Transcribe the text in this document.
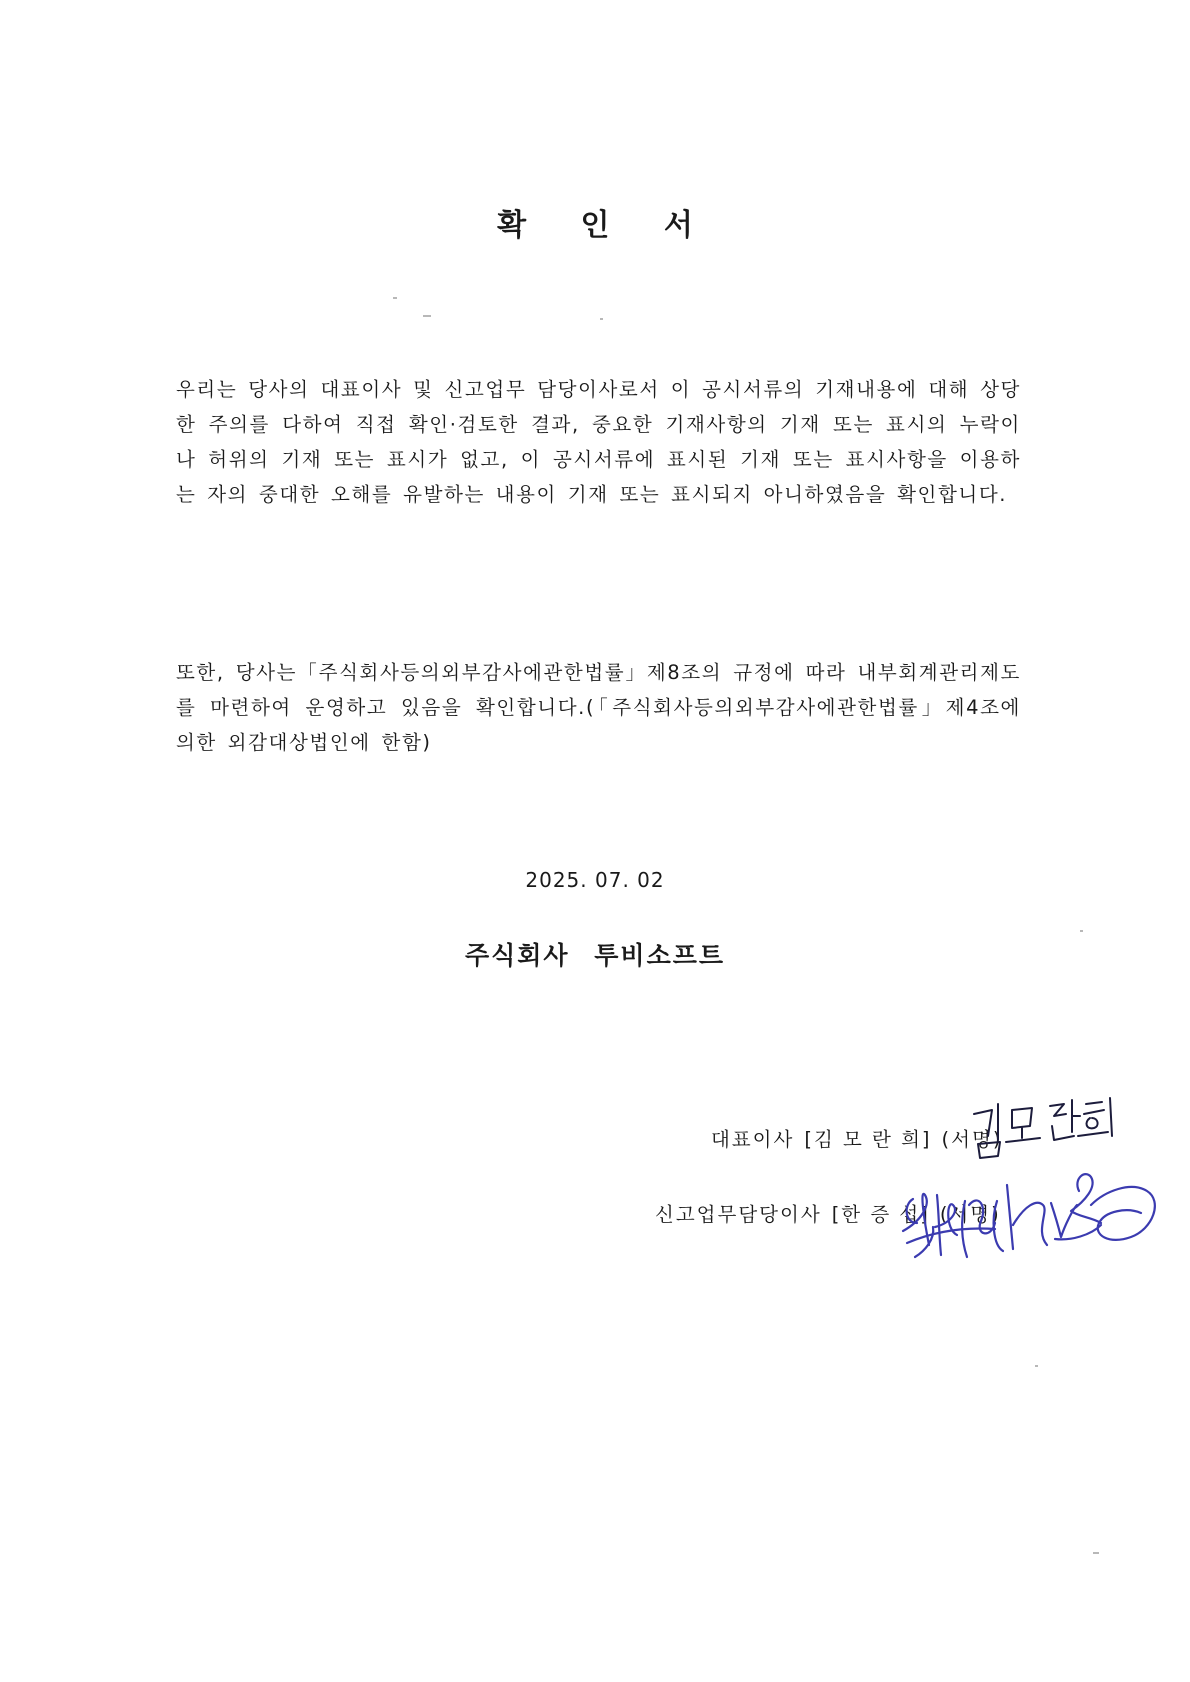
확 인 서
우리는 당사의 대표이사 및 신고업무 담당이사로서 이 공시서류의 기재내용에 대해 상당한 주의를 다하여 직접 확인·검토한 결과, 중요한 기재사항의 기재 또는 표시의 누락이나 허위의 기재 또는 표시가 없고, 이 공시서류에 표시된 기재 또는 표시사항을 이용하는 자의 중대한 오해를 유발하는 내용이 기재 또는 표시되지 아니하였음을 확인합니다.
또한, 당사는「주식회사등의외부감사에관한법률」제8조의 규정에 따라 내부회계관리제도를 마련하여 운영하고 있음을 확인합니다.(「주식회사등의외부감사에관한법률」제4조에 의한 외감대상법인에 한함)
2025. 07. 02
주식회사 투비소프트
대표이사 [김 모 란 희] (서명)
신고업무담당이사 [한 증 섭] (서명)
